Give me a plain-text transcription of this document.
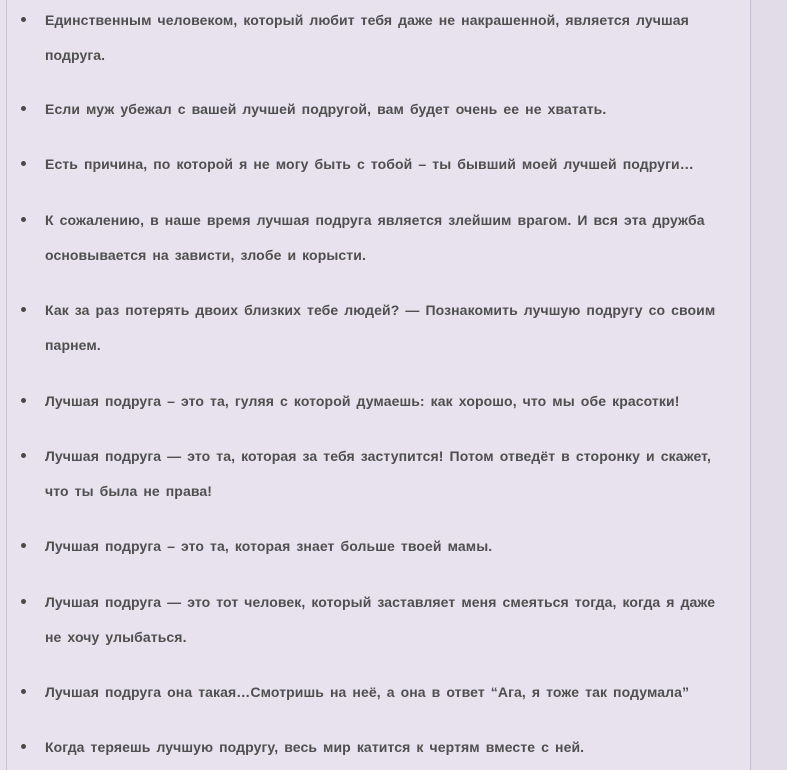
Единственным человеком, который любит тебя даже не накрашенной, является лучшая подруга.
Если муж убежал с вашей лучшей подругой, вам будет очень ее не хватать.
Есть причина, по которой я не могу быть с тобой – ты бывший моей лучшей подруги…
К сожалению, в наше время лучшая подруга является злейшим врагом. И вся эта дружба основывается на зависти, злобе и корысти.
Как за раз потерять двоих близких тебе людей? — Познакомить лучшую подругу со своим парнем.
Лучшая подруга – это та, гуляя с которой думаешь: как хорошо, что мы обе красотки!
Лучшая подруга — это та, которая за тебя заступится! Потом отведёт в сторонку и скажет, что ты была не права!
Лучшая подруга – это та, которая знает больше твоей мамы.
Лучшая подруга — это тот человек, который заставляет меня смеяться тогда, когда я даже не хочу улыбаться.
Лучшая подруга она такая…Смотришь на неё, а она в ответ “Ага, я тоже так подумала”
Когда теряешь лучшую подругу, весь мир катится к чертям вместе с ней.
